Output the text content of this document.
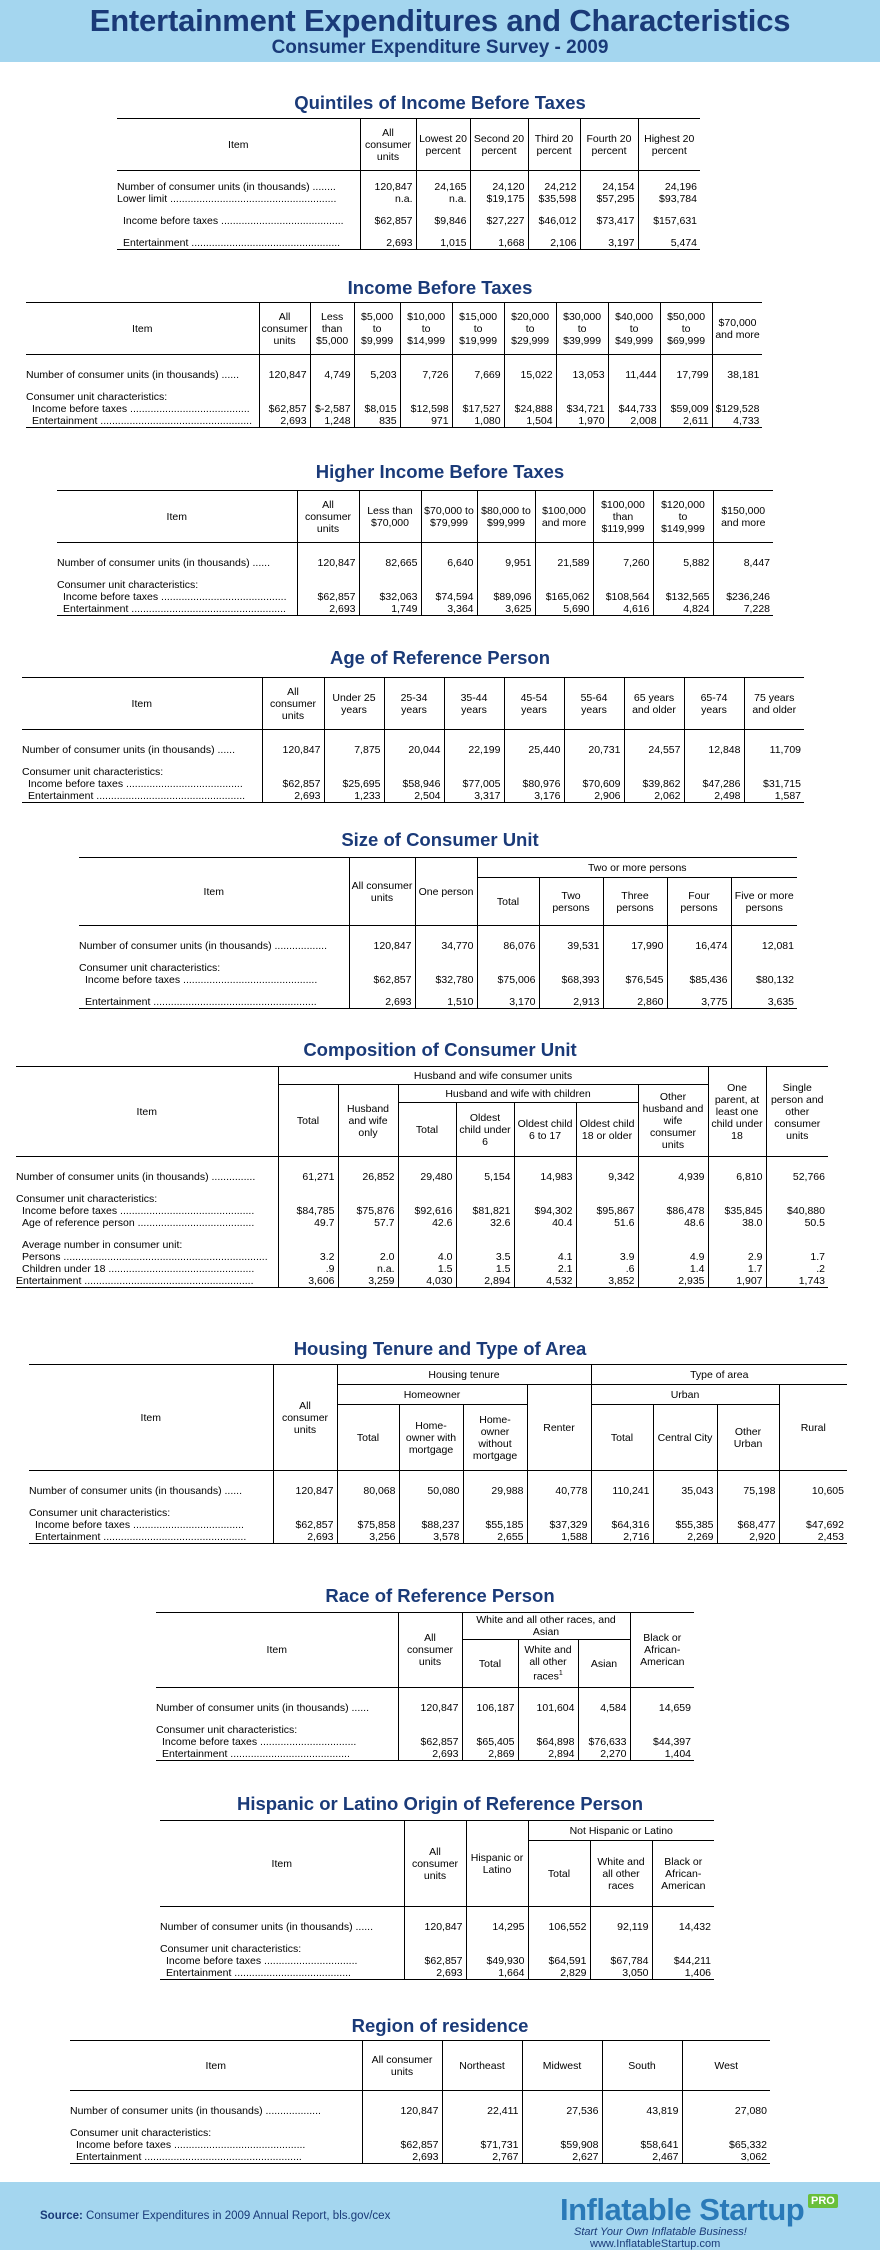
Entertainment Expenditures and Characteristics
Consumer Expenditure Survey - 2009
Quintiles of Income Before Taxes
Item	All consumer units	Lowest 20 percent	Second 20 percent	Third 20 percent	Fourth 20 percent	Highest 20 percent

Number of consumer units (in thousands) ........	120,847	24,165	24,120	24,212	24,154	24,196
Lower limit .........................................................	n.a.	n.a.	$19,175	$35,598	$57,295	$93,784

Income before taxes ..........................................	$62,857	$9,846	$27,227	$46,012	$73,417	$157,631

Entertainment ...................................................	2,693	1,015	1,668	2,106	3,197	5,474
Income Before Taxes
Item	All consumer units	Less than $5,000	$5,000 to $9,999	$10,000 to $14,999	$15,000 to $19,999	$20,000 to $29,999	$30,000 to $39,999	$40,000 to $49,999	$50,000 to $69,999	$70,000 and more

Number of consumer units (in thousands) ......	120,847	4,749	5,203	7,726	7,669	15,022	13,053	11,444	17,799	38,181

Consumer unit characteristics:										
Income before taxes .........................................	$62,857	$-2,587	$8,015	$12,598	$17,527	$24,888	$34,721	$44,733	$59,009	$129,528
Entertainment ....................................................	2,693	1,248	835	971	1,080	1,504	1,970	2,008	2,611	4,733
Higher Income Before Taxes
Item	All consumer units	Less than $70,000	$70,000 to $79,999	$80,000 to $99,999	$100,000 and more	$100,000 than $119,999	$120,000 to $149,999	$150,000 and more

Number of consumer units (in thousands) ......	120,847	82,665	6,640	9,951	21,589	7,260	5,882	8,447

Consumer unit characteristics:								
Income before taxes ...........................................	$62,857	$32,063	$74,594	$89,096	$165,062	$108,564	$132,565	$236,246
Entertainment .....................................................	2,693	1,749	3,364	3,625	5,690	4,616	4,824	7,228
Age of Reference Person
Item	All consumer units	Under 25 years	25-34 years	35-44 years	45-54 years	55-64 years	65 years and older	65-74 years	75 years and older

Number of consumer units (in thousands) ......	120,847	7,875	20,044	22,199	25,440	20,731	24,557	12,848	11,709

Consumer unit characteristics:									
Income before taxes ........................................	$62,857	$25,695	$58,946	$77,005	$80,976	$70,609	$39,862	$47,286	$31,715
Entertainment ...................................................	2,693	1,233	2,504	3,317	3,176	2,906	2,062	2,498	1,587
Size of Consumer Unit
Item	All consumer units	One person	Two or more persons				
			Total	Two persons	Three persons	Four persons	Five or more persons

Number of consumer units (in thousands) ..................	120,847	34,770	86,076	39,531	17,990	16,474	12,081

Consumer unit characteristics:							
Income before taxes ..............................................	$62,857	$32,780	$75,006	$68,393	$76,545	$85,436	$80,132

Entertainment ........................................................	2,693	1,510	3,170	2,913	2,860	3,775	3,635
Composition of Consumer Unit
Item	Husband and wife consumer units							One parent, at least one child under 18	Single person and other consumer units
	Total	Husband and wife only	Husband and wife with children				Other husband and wife consumer units		
			Total	Oldest child under 6	Oldest child 6 to 17	Oldest child 18 or older			

Number of consumer units (in thousands) ...............	61,271	26,852	29,480	5,154	14,983	9,342	4,939	6,810	52,766

Consumer unit characteristics:									
Income before taxes ..............................................	$84,785	$75,876	$92,616	$81,821	$94,302	$95,867	$86,478	$35,845	$40,880
Age of reference person ........................................	49.7	57.7	42.6	32.6	40.4	51.6	48.6	38.0	50.5

Average number in consumer unit:									
Persons ......................................................................	3.2	2.0	4.0	3.5	4.1	3.9	4.9	2.9	1.7
Children under 18 ..................................................	.9	n.a.	1.5	1.5	2.1	.6	1.4	1.7	.2
Entertainment ..........................................................	3,606	3,259	4,030	2,894	4,532	3,852	2,935	1,907	1,743
Housing Tenure and Type of Area
Item	All consumer units	Housing tenure				Type of area			
		Homeowner			Renter	Urban			Rural
		Total	Home-owner with mortgage	Home-owner without mortgage		Total	Central City	Other Urban	

Number of consumer units (in thousands) ......	120,847	80,068	50,080	29,988	40,778	110,241	35,043	75,198	10,605

Consumer unit characteristics:									
Income before taxes ......................................	$62,857	$75,858	$88,237	$55,185	$37,329	$64,316	$55,385	$68,477	$47,692
Entertainment .................................................	2,693	3,256	3,578	2,655	1,588	2,716	2,269	2,920	2,453
Race of Reference Person
Item	All consumer units	White and all other races, and Asian			Black or African-American
		Total	White and all other races$^1$	Asian	

Number of consumer units (in thousands) ......	120,847	106,187	101,604	4,584	14,659

Consumer unit characteristics:					
Income before taxes .................................	$62,857	$65,405	$64,898	$76,633	$44,397
Entertainment .........................................	2,693	2,869	2,894	2,270	1,404
Hispanic or Latino Origin of Reference Person
Item	All consumer units	Hispanic or Latino	Not Hispanic or Latino		
			Total	White and all other races	Black or African-American

Number of consumer units (in thousands) ......	120,847	14,295	106,552	92,119	14,432

Consumer unit characteristics:					
Income before taxes ................................	$62,857	$49,930	$64,591	$67,784	$44,211
Entertainment ........................................	2,693	1,664	2,829	3,050	1,406
Region of residence
Item	All consumer units	Northeast	Midwest	South	West

Number of consumer units (in thousands) ...................	120,847	22,411	27,536	43,819	27,080

Consumer unit characteristics:					
Income before taxes .............................................	$62,857	$71,731	$59,908	$58,641	$65,332
Entertainment ......................................................	2,693	2,767	2,627	2,467	3,062
Source: Consumer Expenditures in 2009 Annual Report, bls.gov/cex	Inflatable Startup PRO
Start Your Own Inflatable Business!
www.InflatableStartup.com
